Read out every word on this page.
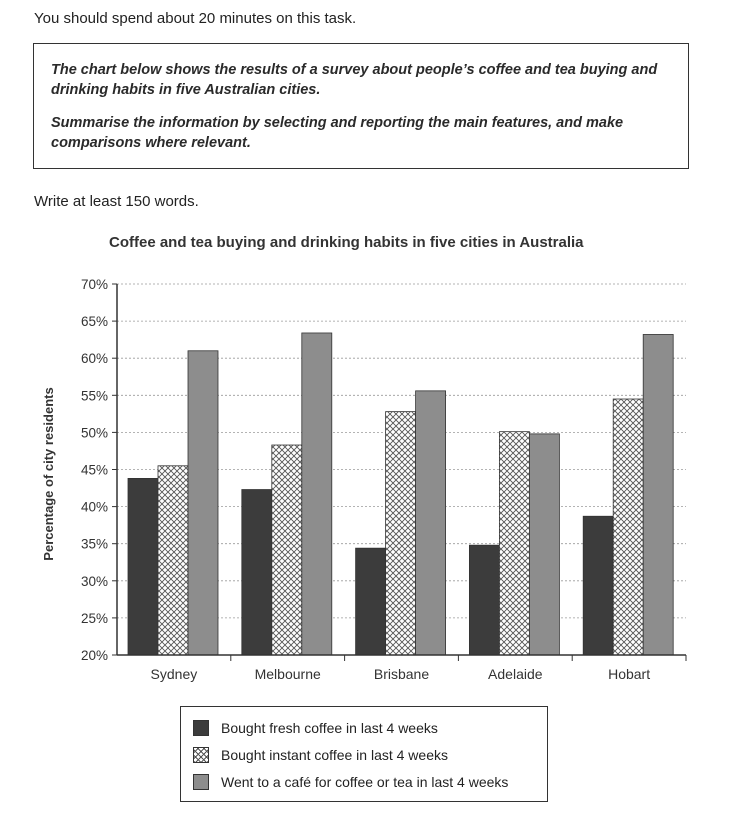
You should spend about 20 minutes on this task.

The chart below shows the results of a survey about people’s coffee and tea buying and drinking habits in five Australian cities.

Summarise the information by selecting and reporting the main features, and make comparisons where relevant.

Write at least 150 words.
Coffee and tea buying and drinking habits in five cities in Australia
20%
25%
30%
35%
40%
45%
50%
55%
60%
65%
70%
Sydney	Melbourne	Brisbane	Adelaide	Hobart
Percentage of city residents
Bought fresh coffee in last 4 weeks
Bought instant coffee in last 4 weeks
Went to a café for coffee or tea in last 4 weeks
